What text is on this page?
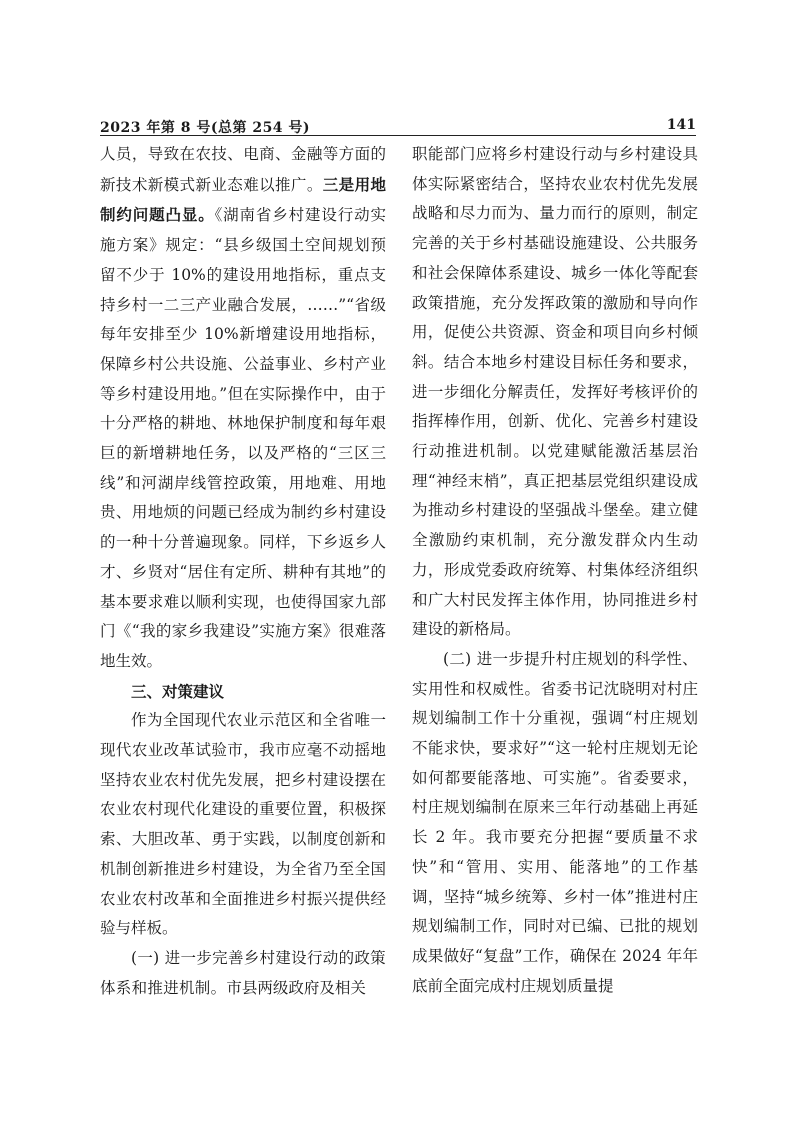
2023 年第 8 号(总第 254 号)	141

人员，导致在农技、电商、金融等方面的新技术新模式新业态难以推广。三是用地制约问题凸显。《湖南省乡村建设行动实施方案》规定：“县乡级国土空间规划预留不少于 10%的建设用地指标，重点支持乡村一二三产业融合发展，……”“省级每年安排至少 10%新增建设用地指标，保障乡村公共设施、公益事业、乡村产业等乡村建设用地。”但在实际操作中，由于十分严格的耕地、林地保护制度和每年艰巨的新增耕地任务，以及严格的“三区三线”和河湖岸线管控政策，用地难、用地贵、用地烦的问题已经成为制约乡村建设的一种十分普遍现象。同样，下乡返乡人才、乡贤对“居住有定所、耕种有其地”的基本要求难以顺利实现，也使得国家九部门《“我的家乡我建设”实施方案》很难落地生效。

三、对策建议

作为全国现代农业示范区和全省唯一现代农业改革试验市，我市应毫不动摇地坚持农业农村优先发展，把乡村建设摆在农业农村现代化建设的重要位置，积极探索、大胆改革、勇于实践，以制度创新和机制创新推进乡村建设，为全省乃至全国农业农村改革和全面推进乡村振兴提供经验与样板。

(一) 进一步完善乡村建设行动的政策体系和推进机制。市县两级政府及相关

职能部门应将乡村建设行动与乡村建设具体实际紧密结合，坚持农业农村优先发展战略和尽力而为、量力而行的原则，制定完善的关于乡村基础设施建设、公共服务和社会保障体系建设、城乡一体化等配套政策措施，充分发挥政策的激励和导向作用，促使公共资源、资金和项目向乡村倾斜。结合本地乡村建设目标任务和要求，进一步细化分解责任，发挥好考核评价的指挥棒作用，创新、优化、完善乡村建设行动推进机制。以党建赋能激活基层治理“神经末梢”，真正把基层党组织建设成为推动乡村建设的坚强战斗堡垒。建立健全激励约束机制，充分激发群众内生动力，形成党委政府统筹、村集体经济组织和广大村民发挥主体作用，协同推进乡村建设的新格局。

(二) 进一步提升村庄规划的科学性、实用性和权威性。省委书记沈晓明对村庄规划编制工作十分重视，强调“村庄规划不能求快，要求好”“这一轮村庄规划无论如何都要能落地、可实施”。省委要求，村庄规划编制在原来三年行动基础上再延长 2 年。我市要充分把握“要质量不求快”和“管用、实用、能落地”的工作基调，坚持“城乡统筹、乡村一体”推进村庄规划编制工作，同时对已编、已批的规划成果做好“复盘”工作，确保在 2024 年年底前全面完成村庄规划质量提
